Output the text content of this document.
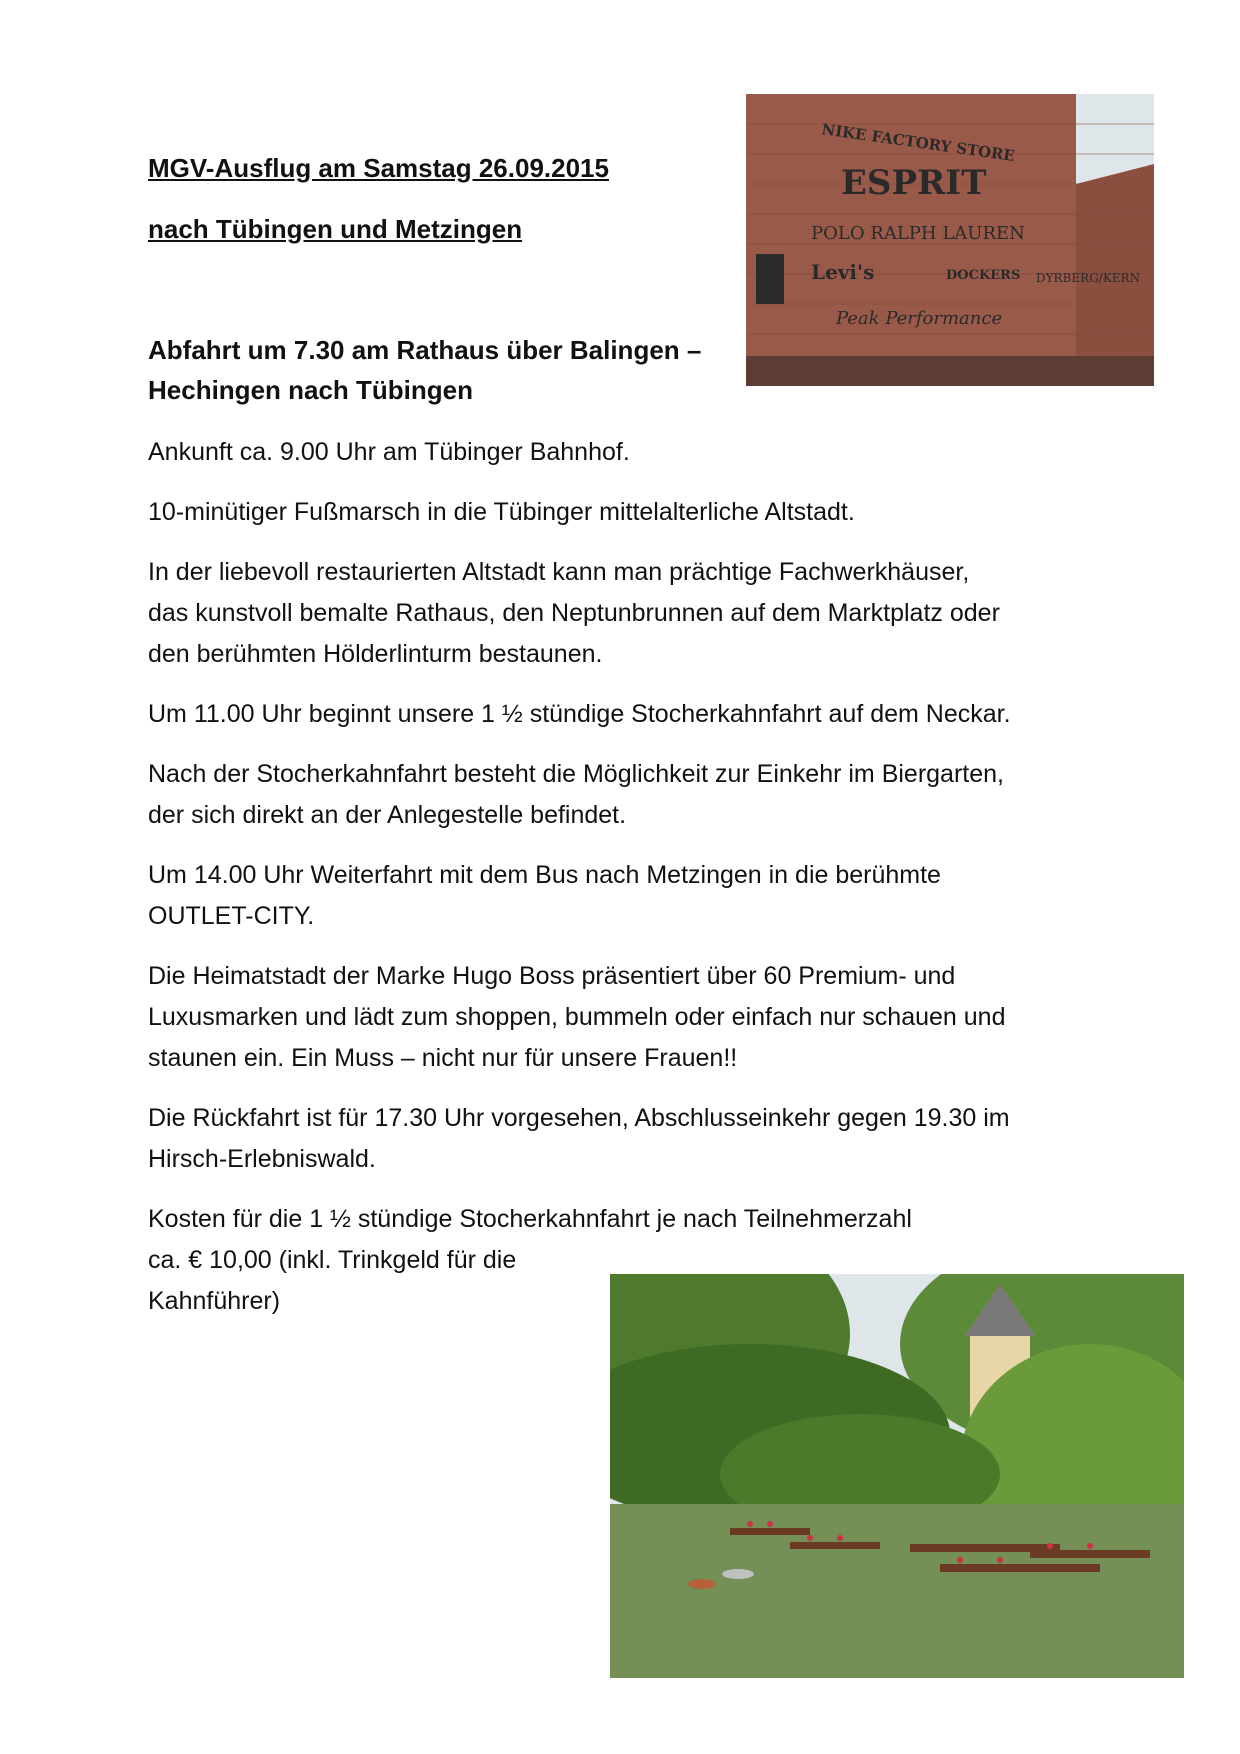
MGV-Ausflug am Samstag 26.09.2015
nach Tübingen und Metzingen
Abfahrt um 7.30 am Rathaus über Balingen –
Hechingen nach Tübingen
NIKE FACTORY STORE
ESPRIT
POLO RALPH LAUREN
Levi's	DOCKERS DYRBERG/KERN
Peak Performance

Ankunft ca. 9.00 Uhr am Tübinger Bahnhof.

10-minütiger Fußmarsch in die Tübinger mittelalterliche Altstadt.

In der liebevoll restaurierten Altstadt kann man prächtige Fachwerkhäuser,
das kunstvoll bemalte Rathaus, den Neptunbrunnen auf dem Marktplatz oder
den berühmten Hölderlinturm bestaunen.

Um 11.00 Uhr beginnt unsere 1 ½ stündige Stocherkahnfahrt auf dem Neckar.

Nach der Stocherkahnfahrt besteht die Möglichkeit zur Einkehr im Biergarten,
der sich direkt an der Anlegestelle befindet.
Um 14.00 Uhr Weiterfahrt mit dem Bus nach Metzingen in die berühmte
OUTLET-CITY.
Die Heimatstadt der Marke Hugo Boss präsentiert über 60 Premium- und
Luxusmarken und lädt zum shoppen, bummeln oder einfach nur schauen und
staunen ein. Ein Muss – nicht nur für unsere Frauen!!
Die Rückfahrt ist für 17.30 Uhr vorgesehen, Abschlusseinkehr gegen 19.30 im
Hirsch-Erlebniswald.
Kosten für die 1 ½ stündige Stocherkahnfahrt je nach Teilnehmerzahl
ca. € 10,00 (inkl. Trinkgeld für die
Kahnführer)
